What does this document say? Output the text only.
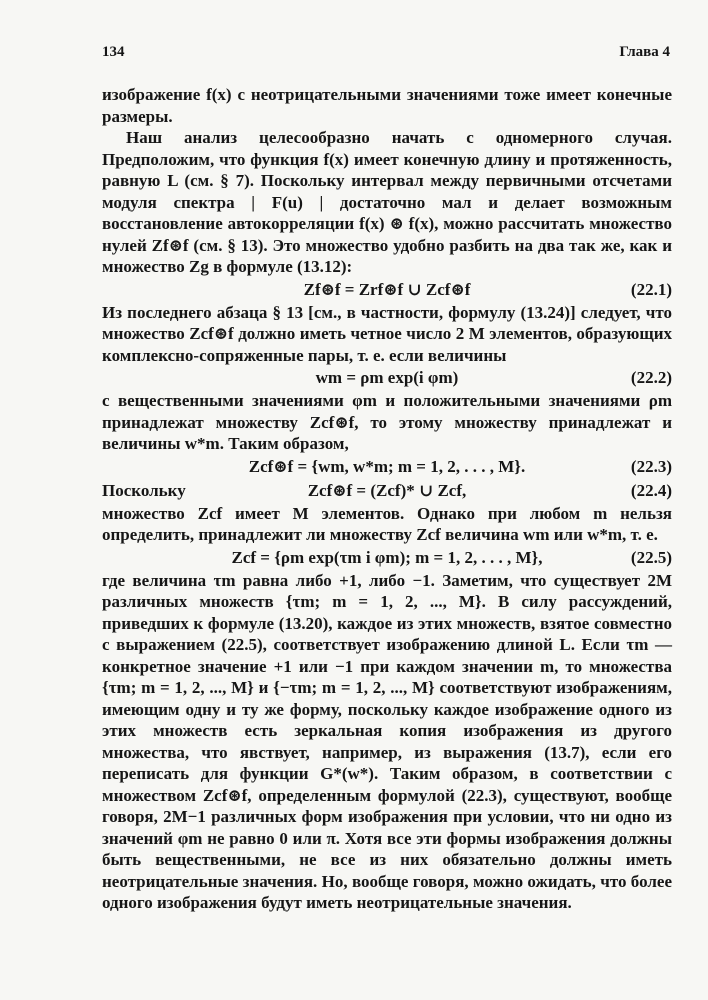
134	Глава 4
изображение f(x) с неотрицательными значениями тоже имеет конечные размеры.
Наш анализ целесообразно начать с одномерного случая. Предположим, что функция f(x) имеет конечную длину и протяженность, равную L (см. § 7). Поскольку интервал между первичными отсчетами модуля спектра | F(u) | достаточно мал и делает возможным восстановление автокорреляции f(x) ⊛ f(x), можно рассчитать множество нулей Zf⊛f (см. § 13). Это множество удобно разбить на два так же, как и множество Zg в формуле (13.12):
Zf⊛f = Zrf⊛f ∪ Zcf⊛f	(22.1)
Из последнего абзаца § 13 [см., в частности, формулу (13.24)] следует, что множество Zcf⊛f должно иметь четное число 2 M элементов, образующих комплексно-сопряженные пары, т. е. если величины
wm = ρm exp(i φm)	(22.2)
с вещественными значениями φm и положительными значениями ρm принадлежат множеству Zcf⊛f, то этому множеству принадлежат и величины w*m. Таким образом,
Zcf⊛f = {wm, w*m; m = 1, 2, . . . , M}.	(22.3)
Поскольку	Zcf⊛f = (Zcf)* ∪ Zcf,	(22.4)
множество Zcf имеет M элементов. Однако при любом m нельзя определить, принадлежит ли множеству Zcf величина wm или w*m, т. е.
Zcf = {ρm exp(τm i φm); m = 1, 2, . . . , M},	(22.5)
где величина τm равна либо +1, либо −1. Заметим, что существует 2M различных множеств {τm; m = 1, 2, ..., M}. В силу рассуждений, приведших к формуле (13.20), каждое из этих множеств, взятое совместно с выражением (22.5), соответствует изображению длиной L. Если τm — конкретное значение +1 или −1 при каждом значении m, то множества {τm; m = 1, 2, ..., M} и {−τm; m = 1, 2, ..., M} соответствуют изображениям, имеющим одну и ту же форму, поскольку каждое изображение одного из этих множеств есть зеркальная копия изображения из другого множества, что явствует, например, из выражения (13.7), если его переписать для функции G*(w*). Таким образом, в соответствии с множеством Zcf⊛f, определенным формулой (22.3), существуют, вообще говоря, 2M−1 различных форм изображения при условии, что ни одно из значений φm не равно 0 или π. Хотя все эти формы изображения должны быть вещественными, не все из них обязательно должны иметь неотрицательные значения. Но, вообще говоря, можно ожидать, что более одного изображения будут иметь неотрицательные значения.
